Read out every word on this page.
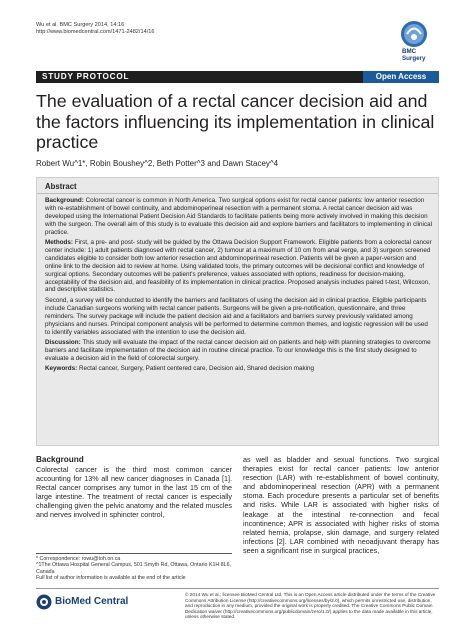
Wu et al. BMC Surgery 2014, 14:16
http://www.biomedcentral.com/1471-2482/14/16
BMC
Surgery
STUDY PROTOCOL	Open Access
The evaluation of a rectal cancer decision aid and the factors influencing its implementation in clinical practice
Robert Wu^1*, Robin Boushey^2, Beth Potter^3 and Dawn Stacey^4
Abstract

Background: Colorectal cancer is common in North America. Two surgical options exist for rectal cancer patients: low anterior resection with re-establishment of bowel continuity, and abdominoperineal resection with a permanent stoma. A rectal cancer decision aid was developed using the International Patient Decision Aid Standards to facilitate patients being more actively involved in making this decision with the surgeon. The overall aim of this study is to evaluate this decision aid and explore barriers and facilitators to implementing in clinical practice.

Methods: First, a pre- and post- study will be guided by the Ottawa Decision Support Framework. Eligible patients from a colorectal cancer center include: 1) adult patients diagnosed with rectal cancer, 2) tumour at a maximum of 10 cm from anal verge, and 3) surgeon screened candidates eligible to consider both low anterior resection and abdominoperineal resection. Patients will be given a paper-version and online link to the decision aid to review at home. Using validated tools, the primary outcomes will be decisional conflict and knowledge of surgical options. Secondary outcomes will be patient's preference, values associated with options, readiness for decision-making, acceptability of the decision aid, and feasibility of its implementation in clinical practice. Proposed analysis includes paired t-test, Wilcoxon, and descriptive statistics.

Second, a survey will be conducted to identify the barriers and facilitators of using the decision aid in clinical practice. Eligible participants include Canadian surgeons working with rectal cancer patients. Surgeons will be given a pre-notification, questionnaire, and three reminders. The survey package will include the patient decision aid and a facilitators and barriers survey previously validated among physicians and nurses. Principal component analysis will be performed to determine common themes, and logistic regression will be used to identify variables associated with the intention to use the decision aid.

Discussion: This study will evaluate the impact of the rectal cancer decision aid on patients and help with planning strategies to overcome barriers and facilitate implementation of the decision aid in routine clinical practice. To our knowledge this is the first study designed to evaluate a decision aid in the field of colorectal surgery.

Keywords: Rectal cancer, Surgery, Patient centered care, Decision aid, Shared decision making

Background

Colorectal cancer is the third most common cancer accounting for 13% all new cancer diagnoses in Canada [1]. Rectal cancer comprises any tumor in the last 15 cm of the large intestine. The treatment of rectal cancer is especially challenging given the pelvic anatomy and the related muscles and nerves involved in sphincter control,

as well as bladder and sexual functions. Two surgical therapies exist for rectal cancer patients: low anterior resection (LAR) with re-establishment of bowel continuity, and abdominoperineal resection (APR) with a permanent stoma. Each procedure presents a particular set of benefits and risks. While LAR is associated with higher risks of leakage at the intestinal re-connection and fecal incontinence; APR is associated with higher risks of stoma related hernia, prolapse, skin damage, and surgery related infections [2]. LAR combined with neoadjuvant therapy has seen a significant rise in surgical practices,

* Correspondence: rowu@toh.on.ca
^1The Ottawa Hospital General Campus, 501 Smyth Rd, Ottawa, Ontario K1H 8L6, Canada
Full list of author information is available at the end of the article
BioMed Central
© 2014 Wu et al.; licensee BioMed Central Ltd. This is an Open Access article distributed under the terms of the Creative Commons Attribution License (http://creativecommons.org/licenses/by/2.0), which permits unrestricted use, distribution, and reproduction in any medium, provided the original work is properly credited. The Creative Commons Public Domain Dedication waiver (http://creativecommons.org/publicdomain/zero/1.0/) applies to the data made available in this article, unless otherwise stated.
